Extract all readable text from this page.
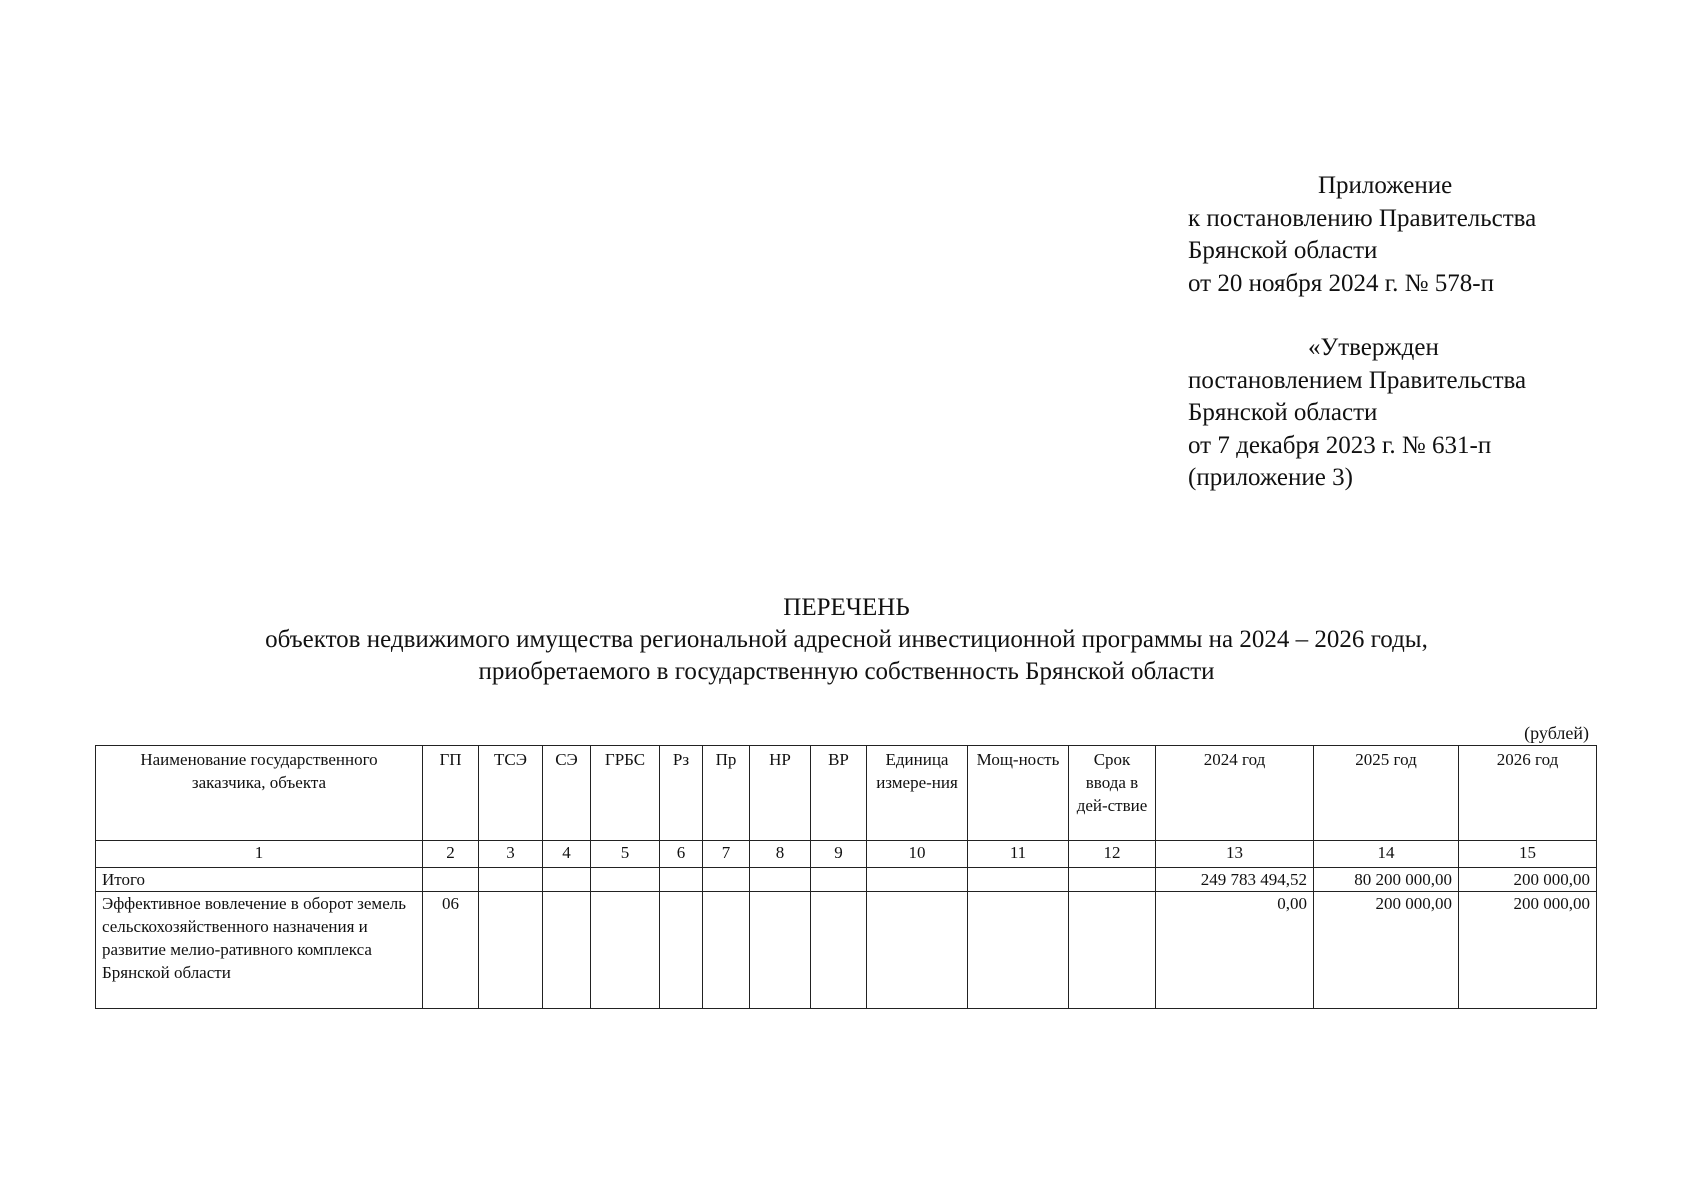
Приложение
к постановлению Правительства
Брянской области
от 20 ноября 2024 г. № 578-п
«Утвержден
постановлением Правительства
Брянской области
от 7 декабря 2023 г. № 631-п
(приложение 3)
ПЕРЕЧЕНЬ
объектов недвижимого имущества региональной адресной инвестиционной программы на 2024 – 2026 годы,
приобретаемого в государственную собственность Брянской области
(рублей)
Наименование государственного заказчика, объекта	ГП	ТСЭ	СЭ	ГРБС	Рз	Пр	НР	ВР	Единица измере-ния	Мощ-ность	Срок ввода в дей-ствие	2024 год	2025 год	2026 год
1	2	3	4	5	6	7	8	9	10	11	12	13	14	15
Итого												249 783 494,52	80 200 000,00	200 000,00
Эффективное вовлечение в оборот земель сельскохозяйственного назначения и развитие мелио-ративного комплекса Брянской области	06											0,00	200 000,00	200 000,00
